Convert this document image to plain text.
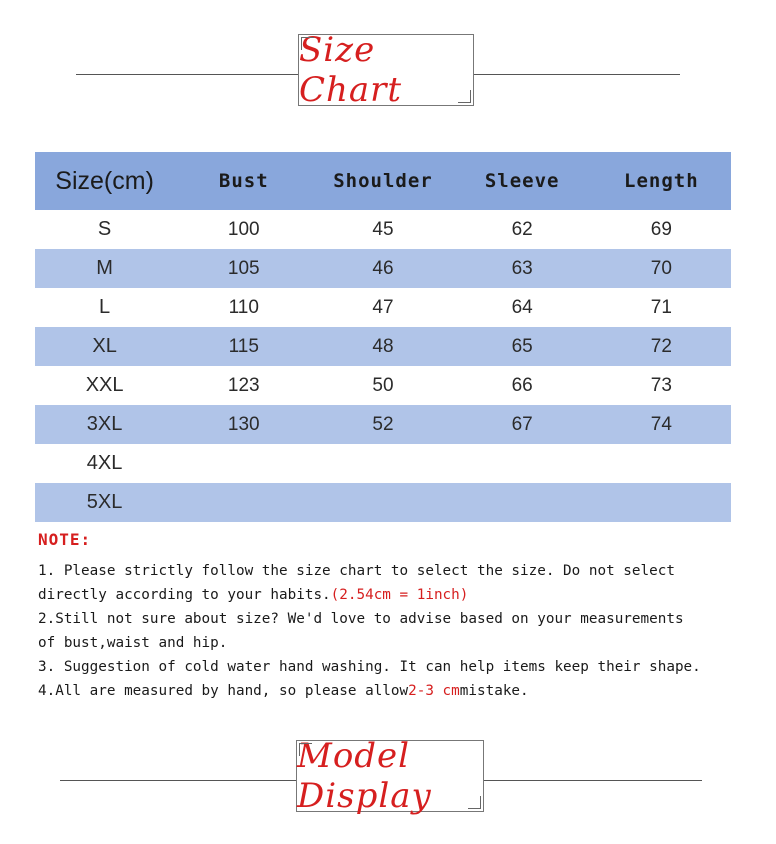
Size Chart
Size(cm)	Bust	Shoulder	Sleeve	Length
S	100	45	62	69
M	105	46	63	70
L	110	47	64	71
XL	115	48	65	72
XXL	123	50	66	73
3XL	130	52	67	74
4XL				
5XL				
NOTE:

1. Please strictly follow the size chart to select the size. Do not select

directly according to your habits.(2.54cm = 1inch)

2.Still not sure about size? We'd love to advise based on your measurements

of bust,waist and hip.

3. Suggestion of cold water hand washing. It can help items keep their shape.

4.All are measured by hand, so please allow2-3 cmmistake.

Model Display
